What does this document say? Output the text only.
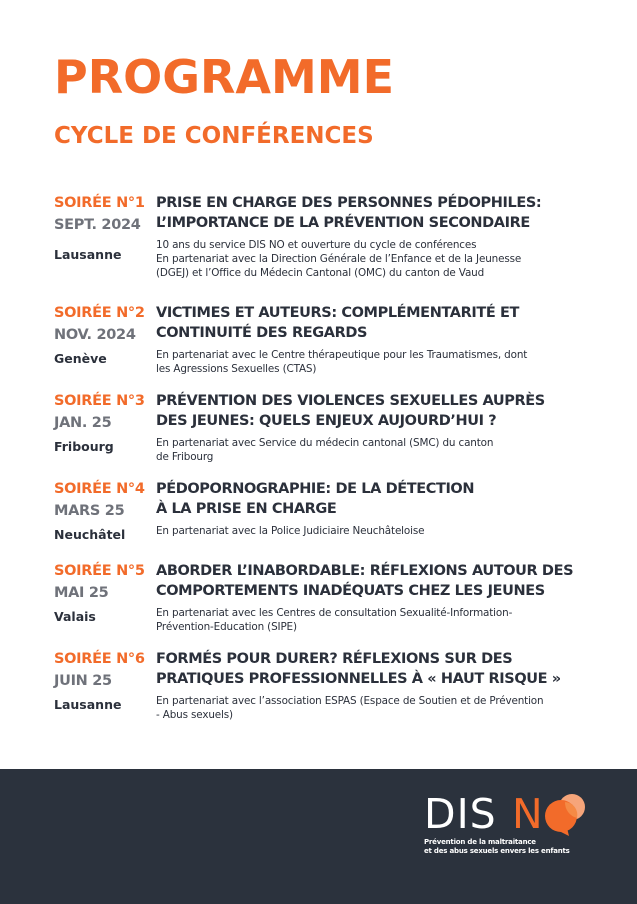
PROGRAMME
CYCLE DE CONFÉRENCES
SOIRÉE N°1
SEPT. 2024
Lausanne
PRISE EN CHARGE DES PERSONNES PÉDOPHILES:
L’IMPORTANCE DE LA PRÉVENTION SECONDAIRE
10 ans du service DIS NO et ouverture du cycle de conférences
En partenariat avec la Direction Générale de l’Enfance et de la Jeunesse
(DGEJ) et l’Office du Médecin Cantonal (OMC) du canton de Vaud
SOIRÉE N°2
NOV. 2024
Genève
VICTIMES ET AUTEURS: COMPLÉMENTARITÉ ET
CONTINUITÉ DES REGARDS
En partenariat avec le Centre thérapeutique pour les Traumatismes, dont
les Agressions Sexuelles (CTAS)
SOIRÉE N°3
JAN. 25
Fribourg
PRÉVENTION DES VIOLENCES SEXUELLES AUPRÈS
DES JEUNES: QUELS ENJEUX AUJOURD’HUI ?
En partenariat avec Service du médecin cantonal (SMC) du canton
de Fribourg
SOIRÉE N°4
MARS 25
Neuchâtel
PÉDOPORNOGRAPHIE: DE LA DÉTECTION
À LA PRISE EN CHARGE
En partenariat avec la Police Judiciaire Neuchâteloise
SOIRÉE N°5
MAI 25
Valais
ABORDER L’INABORDABLE: RÉFLEXIONS AUTOUR DES
COMPORTEMENTS INADÉQUATS CHEZ LES JEUNES
En partenariat avec les Centres de consultation Sexualité-Information-
Prévention-Education (SIPE)
SOIRÉE N°6
JUIN 25
Lausanne
FORMÉS POUR DURER? RÉFLEXIONS SUR DES
PRATIQUES PROFESSIONNELLES À « HAUT RISQUE »
En partenariat avec l’association ESPAS (Espace de Soutien et de Prévention
- Abus sexuels)
DIS N
Prévention de la maltraitance
et des abus sexuels envers les enfants
